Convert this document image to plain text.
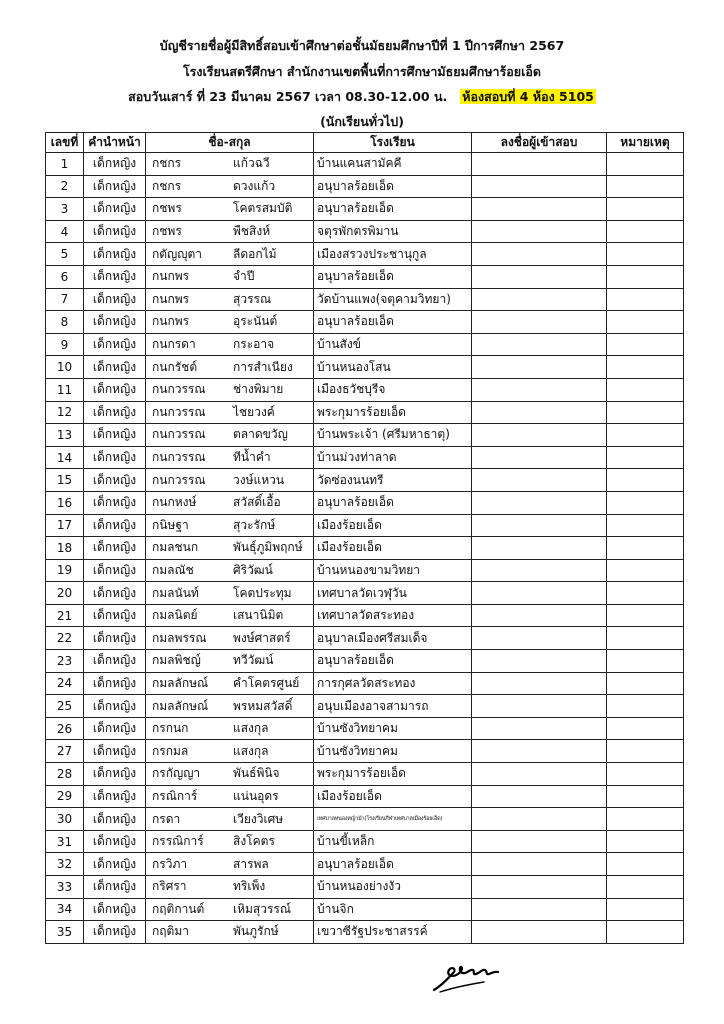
บัญชีรายชื่อผู้มีสิทธิ์สอบเข้าศึกษาต่อชั้นมัธยมศึกษาปีที่ 1 ปีการศึกษา 2567
โรงเรียนสตรีศึกษา สำนักงานเขตพื้นที่การศึกษามัธยมศึกษาร้อยเอ็ด
สอบวันเสาร์ ที่ 23 มีนาคม 2567 เวลา 08.30-12.00 น. ห้องสอบที่ 4 ห้อง 5105
(นักเรียนทั่วไป)
เลขที่	คำนำหน้า	ชื่อ-สกุล	โรงเรียน	ลงชื่อผู้เข้าสอบ	หมายเหตุ
1	เด็กหญิง	กชกร แก้วฉวี	บ้านแคนสามัคคี		
2	เด็กหญิง	กชกร ดวงแก้ว	อนุบาลร้อยเอ็ด		
3	เด็กหญิง	กชพร โคตรสมบัติ	อนุบาลร้อยเอ็ด		
4	เด็กหญิง	กชพร พืชสิงห์	จตุรพักตรพิมาน		
5	เด็กหญิง	กตัญญุตา ลีดอกไม้	เมืองสรวงประชานุกูล		
6	เด็กหญิง	กนกพร จำปี	อนุบาลร้อยเอ็ด		
7	เด็กหญิง	กนกพร สุวรรณ	วัดบ้านแพง(จตุคามวิทยา)		
8	เด็กหญิง	กนกพร อุระนันต์	อนุบาลร้อยเอ็ด		
9	เด็กหญิง	กนกรดา กระอาจ	บ้านสังข์		
10	เด็กหญิง	กนกรัชต์ การสำเนียง	บ้านหนองโสน		
11	เด็กหญิง	กนกวรรณ ช่างพิมาย	เมืองธวัชบุรีจ		
12	เด็กหญิง	กนกวรรณ ไชยวงค์	พระกุมารร้อยเอ็ด		
13	เด็กหญิง	กนกวรรณ ตลาดขวัญ	บ้านพระเจ้า (ศรีมหาธาตุ)		
14	เด็กหญิง	กนกวรรณ ทีน้ำคำ	บ้านม่วงท่าลาด		
15	เด็กหญิง	กนกวรรณ วงษ์แหวน	วัดซ่องนนทรี		
16	เด็กหญิง	กนกหงษ์ สวัสดิ์เอื้อ	อนุบาลร้อยเอ็ด		
17	เด็กหญิง	กนิษฐา สุวะรักษ์	เมืองร้อยเอ็ด		
18	เด็กหญิง	กมลชนก พันธุ์ภูมิพฤกษ์	เมืองร้อยเอ็ด		
19	เด็กหญิง	กมลณัช ศิริวัฒน์	บ้านหนองขามวิทยา		
20	เด็กหญิง	กมลนันท์ โคตประทุม	เทศบาลวัดเวฬุวัน		
21	เด็กหญิง	กมลนิตย์ เสนานิมิต	เทศบาลวัดสระทอง		
22	เด็กหญิง	กมลพรรณ พงษ์ศาสตร์	อนุบาลเมืองศรีสมเด็จ		
23	เด็กหญิง	กมลพิชญ์ ทวีวัฒน์	อนุบาลร้อยเอ็ด		
24	เด็กหญิง	กมลลักษณ์ คำโคตรศูนย์	การกุศลวัดสระทอง		
25	เด็กหญิง	กมลลักษณ์ พรหมสวัสดิ์	อนุบเมืองอาจสามารถ		
26	เด็กหญิง	กรกนก แสงกุล	บ้านซังวิทยาคม		
27	เด็กหญิง	กรกมล แสงกุล	บ้านซังวิทยาคม		
28	เด็กหญิง	กรกัญญา พันธ์พินิจ	พระกุมารร้อยเอ็ด		
29	เด็กหญิง	กรณิการ์ แน่นอุดร	เมืองร้อยเอ็ด		
30	เด็กหญิง	กรดา เวียงวิเศษ	เทศบาลหนองหญ้าม้า(โรงเรียนกีฬาเทศบาลเมืองร้อยเอ็ด)		
31	เด็กหญิง	กรรณิการ์ สิงโคตร	บ้านขี้เหล็ก		
32	เด็กหญิง	กรวิภา สารพล	อนุบาลร้อยเอ็ด		
33	เด็กหญิง	กริศรา ทริเพ็ง	บ้านหนองย่างงัว		
34	เด็กหญิง	กฤติกานต์ เหิมสุวรรณ์	บ้านจิก		
35	เด็กหญิง	กฤติมา พันภูรักษ์	เขวาซีรัฐประชาสรรค์		
